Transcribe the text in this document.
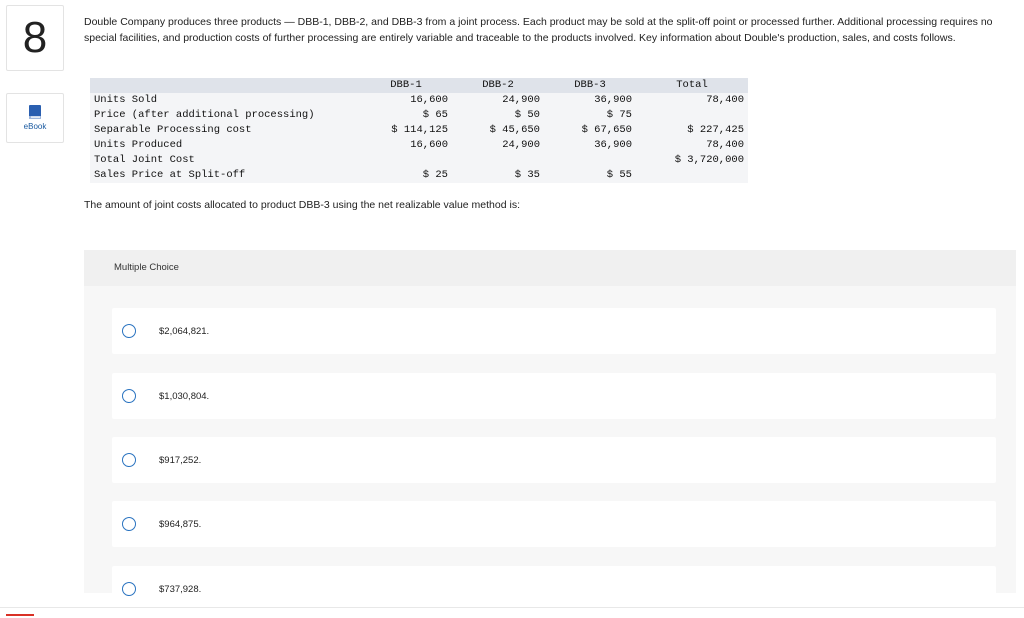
8
eBook
Double Company produces three products — DBB-1, DBB-2, and DBB-3 from a joint process. Each product may be sold at the split-off point or processed further. Additional processing requires no special facilities, and production costs of further processing are entirely variable and traceable to the products involved. Key information about Double's production, sales, and costs follows.
	DBB-1	DBB-2	DBB-3	Total
Units Sold	16,600	24,900	36,900	78,400
Price (after additional processing)	$ 65	$ 50	$ 75	
Separable Processing cost	$ 114,125	$ 45,650	$ 67,650	$ 227,425
Units Produced	16,600	24,900	36,900	78,400
Total Joint Cost				$ 3,720,000
Sales Price at Split-off	$ 25	$ 35	$ 55	
The amount of joint costs allocated to product DBB-3 using the net realizable value method is:
Multiple Choice
$2,064,821.
$1,030,804.
$917,252.
$964,875.
$737,928.
